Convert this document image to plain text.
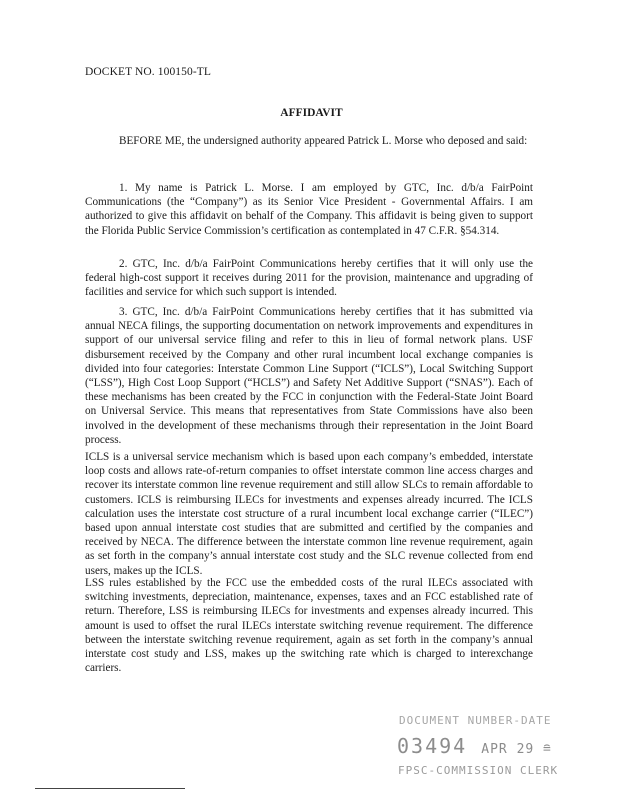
DOCKET NO. 100150-TL
AFFIDAVIT

BEFORE ME, the undersigned authority appeared Patrick L. Morse who deposed and said:

1. My name is Patrick L. Morse. I am employed by GTC, Inc. d/b/a FairPoint Communications (the “Company”) as its Senior Vice President - Governmental Affairs. I am authorized to give this affidavit on behalf of the Company. This affidavit is being given to support the Florida Public Service Commission’s certification as contemplated in 47 C.F.R. §54.314.

2. GTC, Inc. d/b/a FairPoint Communications hereby certifies that it will only use the federal high-cost support it receives during 2011 for the provision, maintenance and upgrading of facilities and service for which such support is intended.

3. GTC, Inc. d/b/a FairPoint Communications hereby certifies that it has submitted via annual NECA filings, the supporting documentation on network improvements and expenditures in support of our universal service filing and refer to this in lieu of formal network plans. USF disbursement received by the Company and other rural incumbent local exchange companies is divided into four categories: Interstate Common Line Support (“ICLS”), Local Switching Support (“LSS”), High Cost Loop Support (“HCLS”) and Safety Net Additive Support (“SNAS”). Each of these mechanisms has been created by the FCC in conjunction with the Federal-State Joint Board on Universal Service. This means that representatives from State Commissions have also been involved in the development of these mechanisms through their representation in the Joint Board process.

ICLS is a universal service mechanism which is based upon each company’s embedded, interstate loop costs and allows rate-of-return companies to offset interstate common line access charges and recover its interstate common line revenue requirement and still allow SLCs to remain affordable to customers. ICLS is reimbursing ILECs for investments and expenses already incurred. The ICLS calculation uses the interstate cost structure of a rural incumbent local exchange carrier (“ILEC”) based upon annual interstate cost studies that are submitted and certified by the companies and received by NECA. The difference between the interstate common line revenue requirement, again as set forth in the company’s annual interstate cost study and the SLC revenue collected from end users, makes up the ICLS.

LSS rules established by the FCC use the embedded costs of the rural ILECs associated with switching investments, depreciation, maintenance, expenses, taxes and an FCC established rate of return. Therefore, LSS is reimbursing ILECs for investments and expenses already incurred. This amount is used to offset the rural ILECs interstate switching revenue requirement. The difference between the interstate switching revenue requirement, again as set forth in the company’s annual interstate cost study and LSS, makes up the switching rate which is charged to interexchange carriers.

DOCUMENT NUMBER-DATE
03494 APR 29 ≘
FPSC-COMMISSION CLERK
